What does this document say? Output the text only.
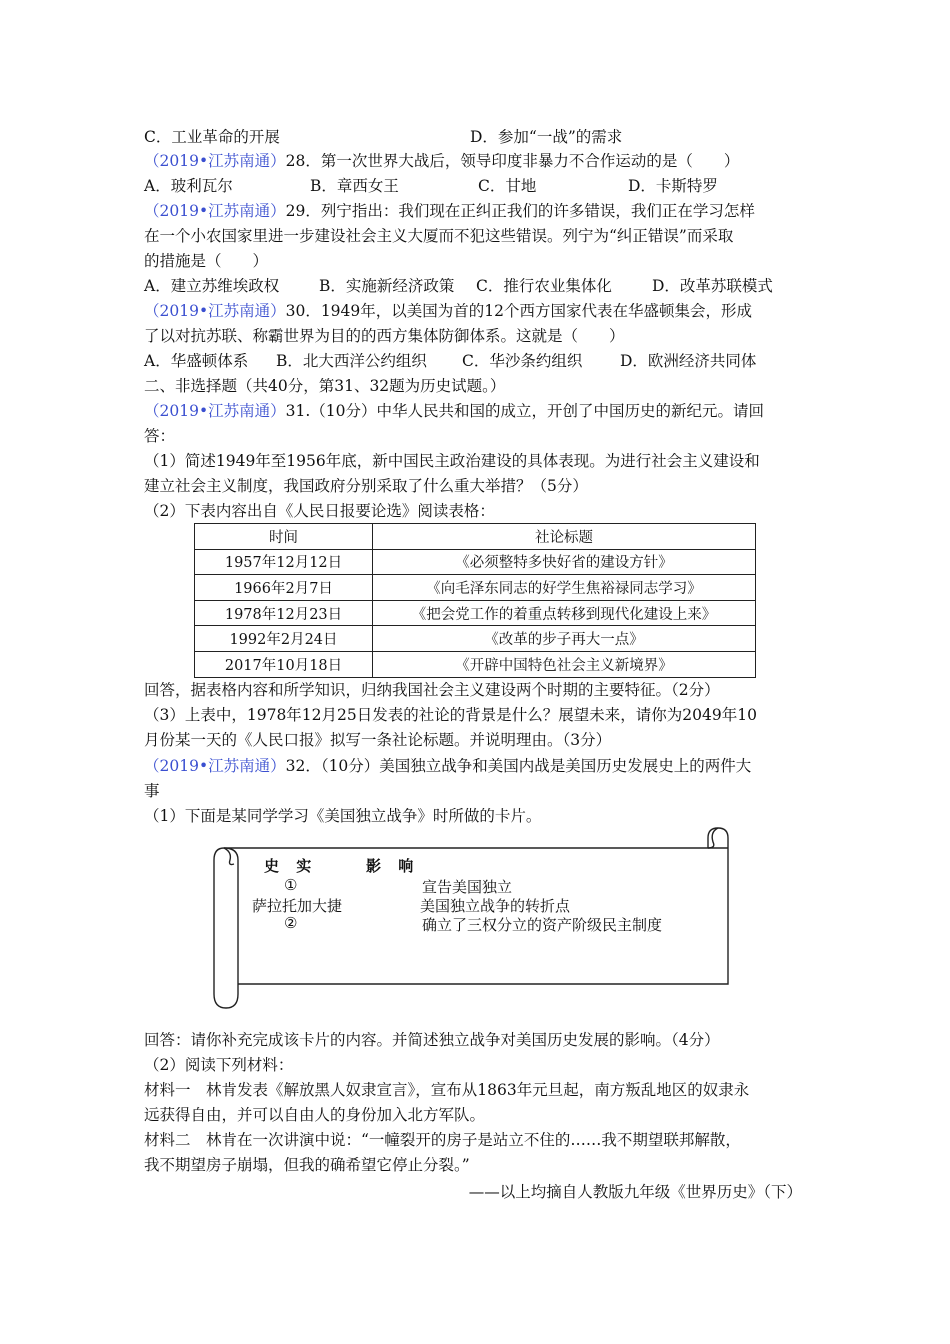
C．工业革命的开展	D．参加“一战”的需求
（2019•江苏南通）28．第一次世界大战后，领导印度非暴力不合作运动的是（　　）
A．玻利瓦尔	B．章西女王	C．甘地	D．卡斯特罗
（2019•江苏南通）29．列宁指出：我们现在正纠正我们的许多错误，我们正在学习怎样
在一个小农国家里进一步建设社会主义大厦而不犯这些错误。列宁为“纠正错误”而采取
的措施是（　　）
A．建立苏维埃政权	B．实施新经济政策 C．推行农业集体化	D．改革苏联模式
（2019•江苏南通）30．1949年，以美国为首的12个西方国家代表在华盛顿集会，形成
了以对抗苏联、称霸世界为目的的西方集体防御体系。这就是（　　）
A．华盛顿体系 B．北大西洋公约组织 C．华沙条约组织 D．欧洲经济共同体
二、非选择题（共40分，第31、32题为历史试题。）
（2019•江苏南通）31.（10分）中华人民共和国的成立，开创了中国历史的新纪元。请回
答：
（1）简述1949年至1956年底，新中国民主政治建设的具体表现。为进行社会主义建设和
建立社会主义制度，我国政府分别采取了什么重大举措？（5分）
（2）下表内容出自《人民日报要论选》阅读表格：
时间	社论标题
1957年12月12日	《必须整特多快好省的建设方针》
1966年2月7日	《向毛泽东同志的好学生焦裕禄同志学习》
1978年12月23日	《把会党工作的着重点转移到现代化建设上来》
1992年2月24日	《改革的步子再大一点》
2017年10月18日	《开辟中国特色社会主义新境界》
回答，据表格内容和所学知识，归纳我国社会主义建设两个时期的主要特征。（2分）
（3）上表中，1978年12月25日发表的社论的背景是什么？展望未来，请你为2049年10
月份某一天的《人民口报》拟写一条社论标题。并说明理由。（3分）
（2019•江苏南通）32．（10分）美国独立战争和美国内战是美国历史发展史上的两件大
事
（1）下面是某同学学习《美国独立战争》时所做的卡片。
史 实	影 响
①	宣告美国独立
萨拉托加大捷	美国独立战争的转折点
②	确立了三权分立的资产阶级民主制度
回答：请你补充完成该卡片的内容。并简述独立战争对美国历史发展的影响。（4分）
（2）阅读下列材料：
材料一　林肯发表《解放黑人奴隶宣言》，宣布从1863年元旦起，南方叛乱地区的奴隶永
远获得自由，并可以自由人的身份加入北方军队。
材料二　林肯在一次讲演中说：“一幢裂开的房子是站立不住的……我不期望联邦解散，
我不期望房子崩塌，但我的确希望它停止分裂。”
——以上均摘自人教版九年级《世界历史》（下）
